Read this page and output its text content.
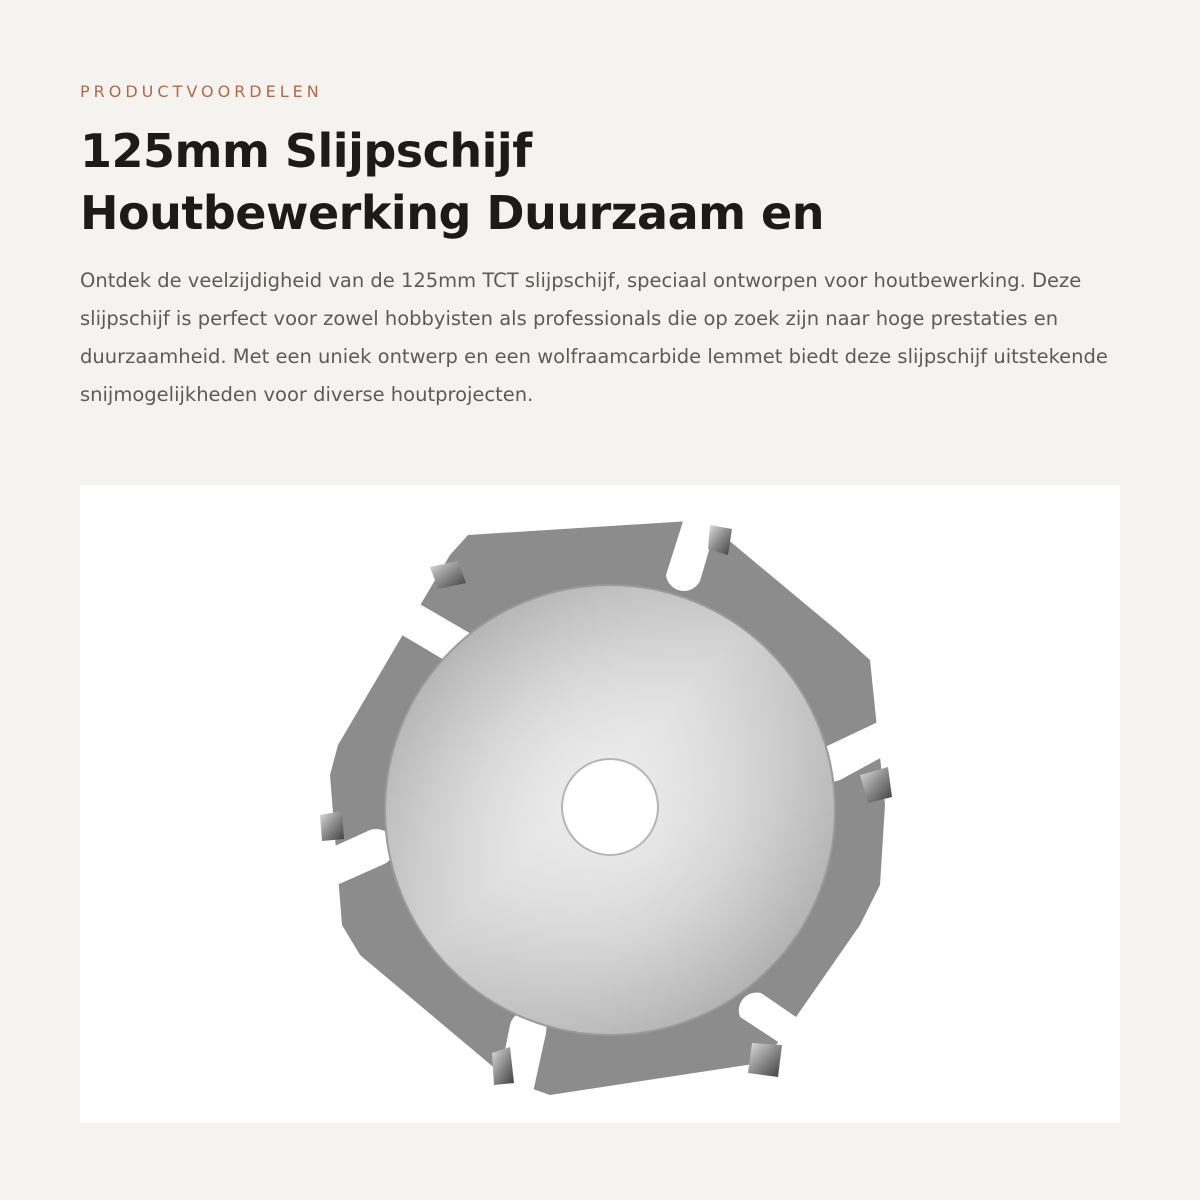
PRODUCTVOORDELEN

125mm Slijpschijf
Houtbewerking Duurzaam en

Ontdek de veelzijdigheid van de 125mm TCT slijpschijf, speciaal ontworpen voor houtbewerking. Deze slijpschijf is perfect voor zowel hobbyisten als professionals die op zoek zijn naar hoge prestaties en duurzaamheid. Met een uniek ontwerp en een wolfraamcarbide lemmet biedt deze slijpschijf uitstekende snijmogelijkheden voor diverse houtprojecten.
